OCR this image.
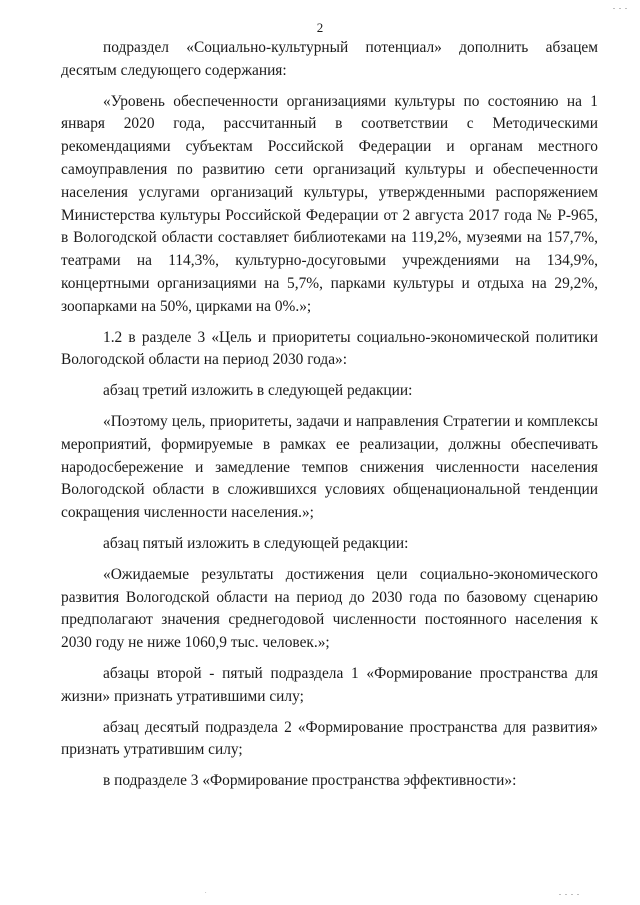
. . .
2

подраздел «Социально-культурный потенциал» дополнить абзацем десятым следующего содержания:

«Уровень обеспеченности организациями культуры по состоянию на 1 января 2020 года, рассчитанный в соответствии с Методическими рекомендациями субъектам Российской Федерации и органам местного самоуправления по развитию сети организаций культуры и обеспеченности населения услугами организаций культуры, утвержденными распоряжением Министерства культуры Российской Федерации от 2 августа 2017 года № Р-965, в Вологодской области составляет библиотеками на 119,2%, музеями на 157,7%, театрами на 114,3%, культурно-досуговыми учреждениями на 134,9%, концертными организациями на 5,7%, парками культуры и отдыха на 29,2%, зоопарками на 50%, цирками на 0%.»;

1.2 в разделе 3 «Цель и приоритеты социально-экономической политики Вологодской области на период 2030 года»:

абзац третий изложить в следующей редакции:

«Поэтому цель, приоритеты, задачи и направления Стратегии и комплексы мероприятий, формируемые в рамках ее реализации, должны обеспечивать народосбережение и замедление темпов снижения численности населения Вологодской области в сложившихся условиях общенациональной тенденции сокращения численности населения.»;

абзац пятый изложить в следующей редакции:

«Ожидаемые результаты достижения цели социально-экономического развития Вологодской области на период до 2030 года по базовому сценарию предполагают значения среднегодовой численности постоянного населения к 2030 году не ниже 1060,9 тыс. человек.»;

абзацы второй - пятый подраздела 1 «Формирование пространства для жизни» признать утратившими силу;

абзац десятый подраздела 2 «Формирование пространства для развития» признать утратившим силу;

в подразделе 3 «Формирование пространства эффективности»:

.	. . . .
